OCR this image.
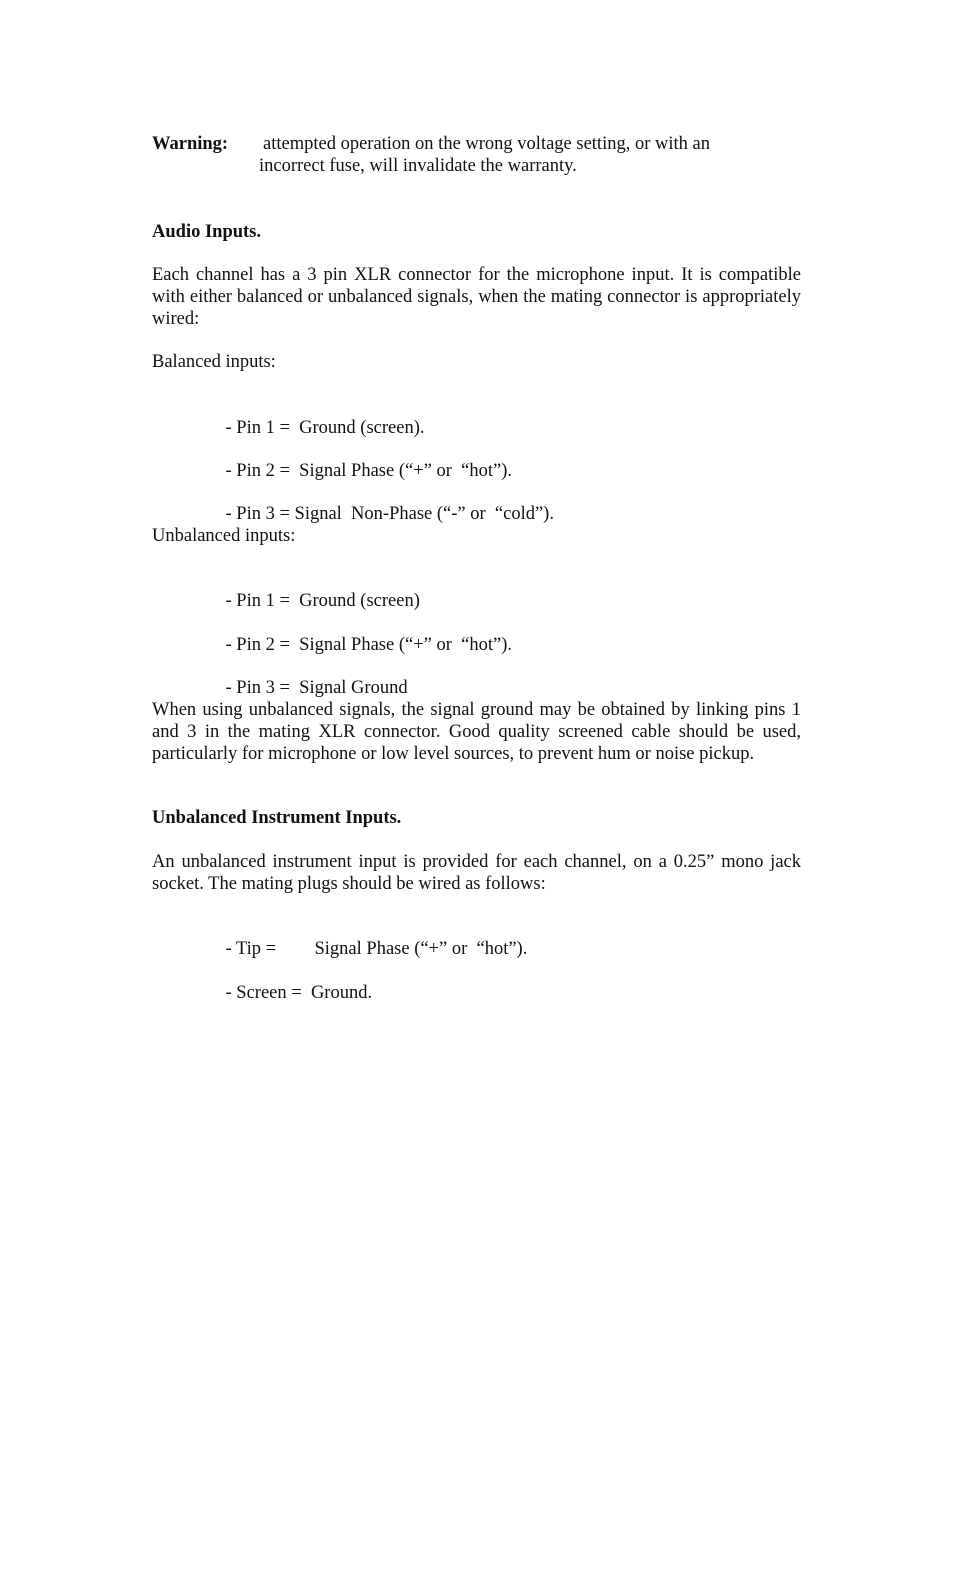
Warning: attempted operation on the wrong voltage setting, or with an
incorrect fuse, will invalidate the warranty.
Audio Inputs.
Each channel has a 3 pin XLR connector for the microphone input. It is compatible with either balanced or unbalanced signals, when the mating connector is appropriately wired:
Balanced inputs:

- Pin 1 =  Ground (screen).

- Pin 2 =  Signal Phase (“+” or  “hot”).

- Pin 3 = Signal  Non-Phase (“-” or  “cold”).

Unbalanced inputs:

- Pin 1 =  Ground (screen)

- Pin 2 =  Signal Phase (“+” or  “hot”).

- Pin 3 =  Signal Ground

When using unbalanced signals, the signal ground may be obtained by linking pins 1 and 3 in the mating XLR connector. Good quality screened cable should be used, particularly for microphone or low level sources, to prevent hum or noise pickup.
Unbalanced Instrument Inputs.
An unbalanced instrument input is provided for each channel, on a 0.25” mono jack socket. The mating plugs should be wired as follows:

- Tip = Signal Phase (“+” or  “hot”).

- Screen =  Ground.
